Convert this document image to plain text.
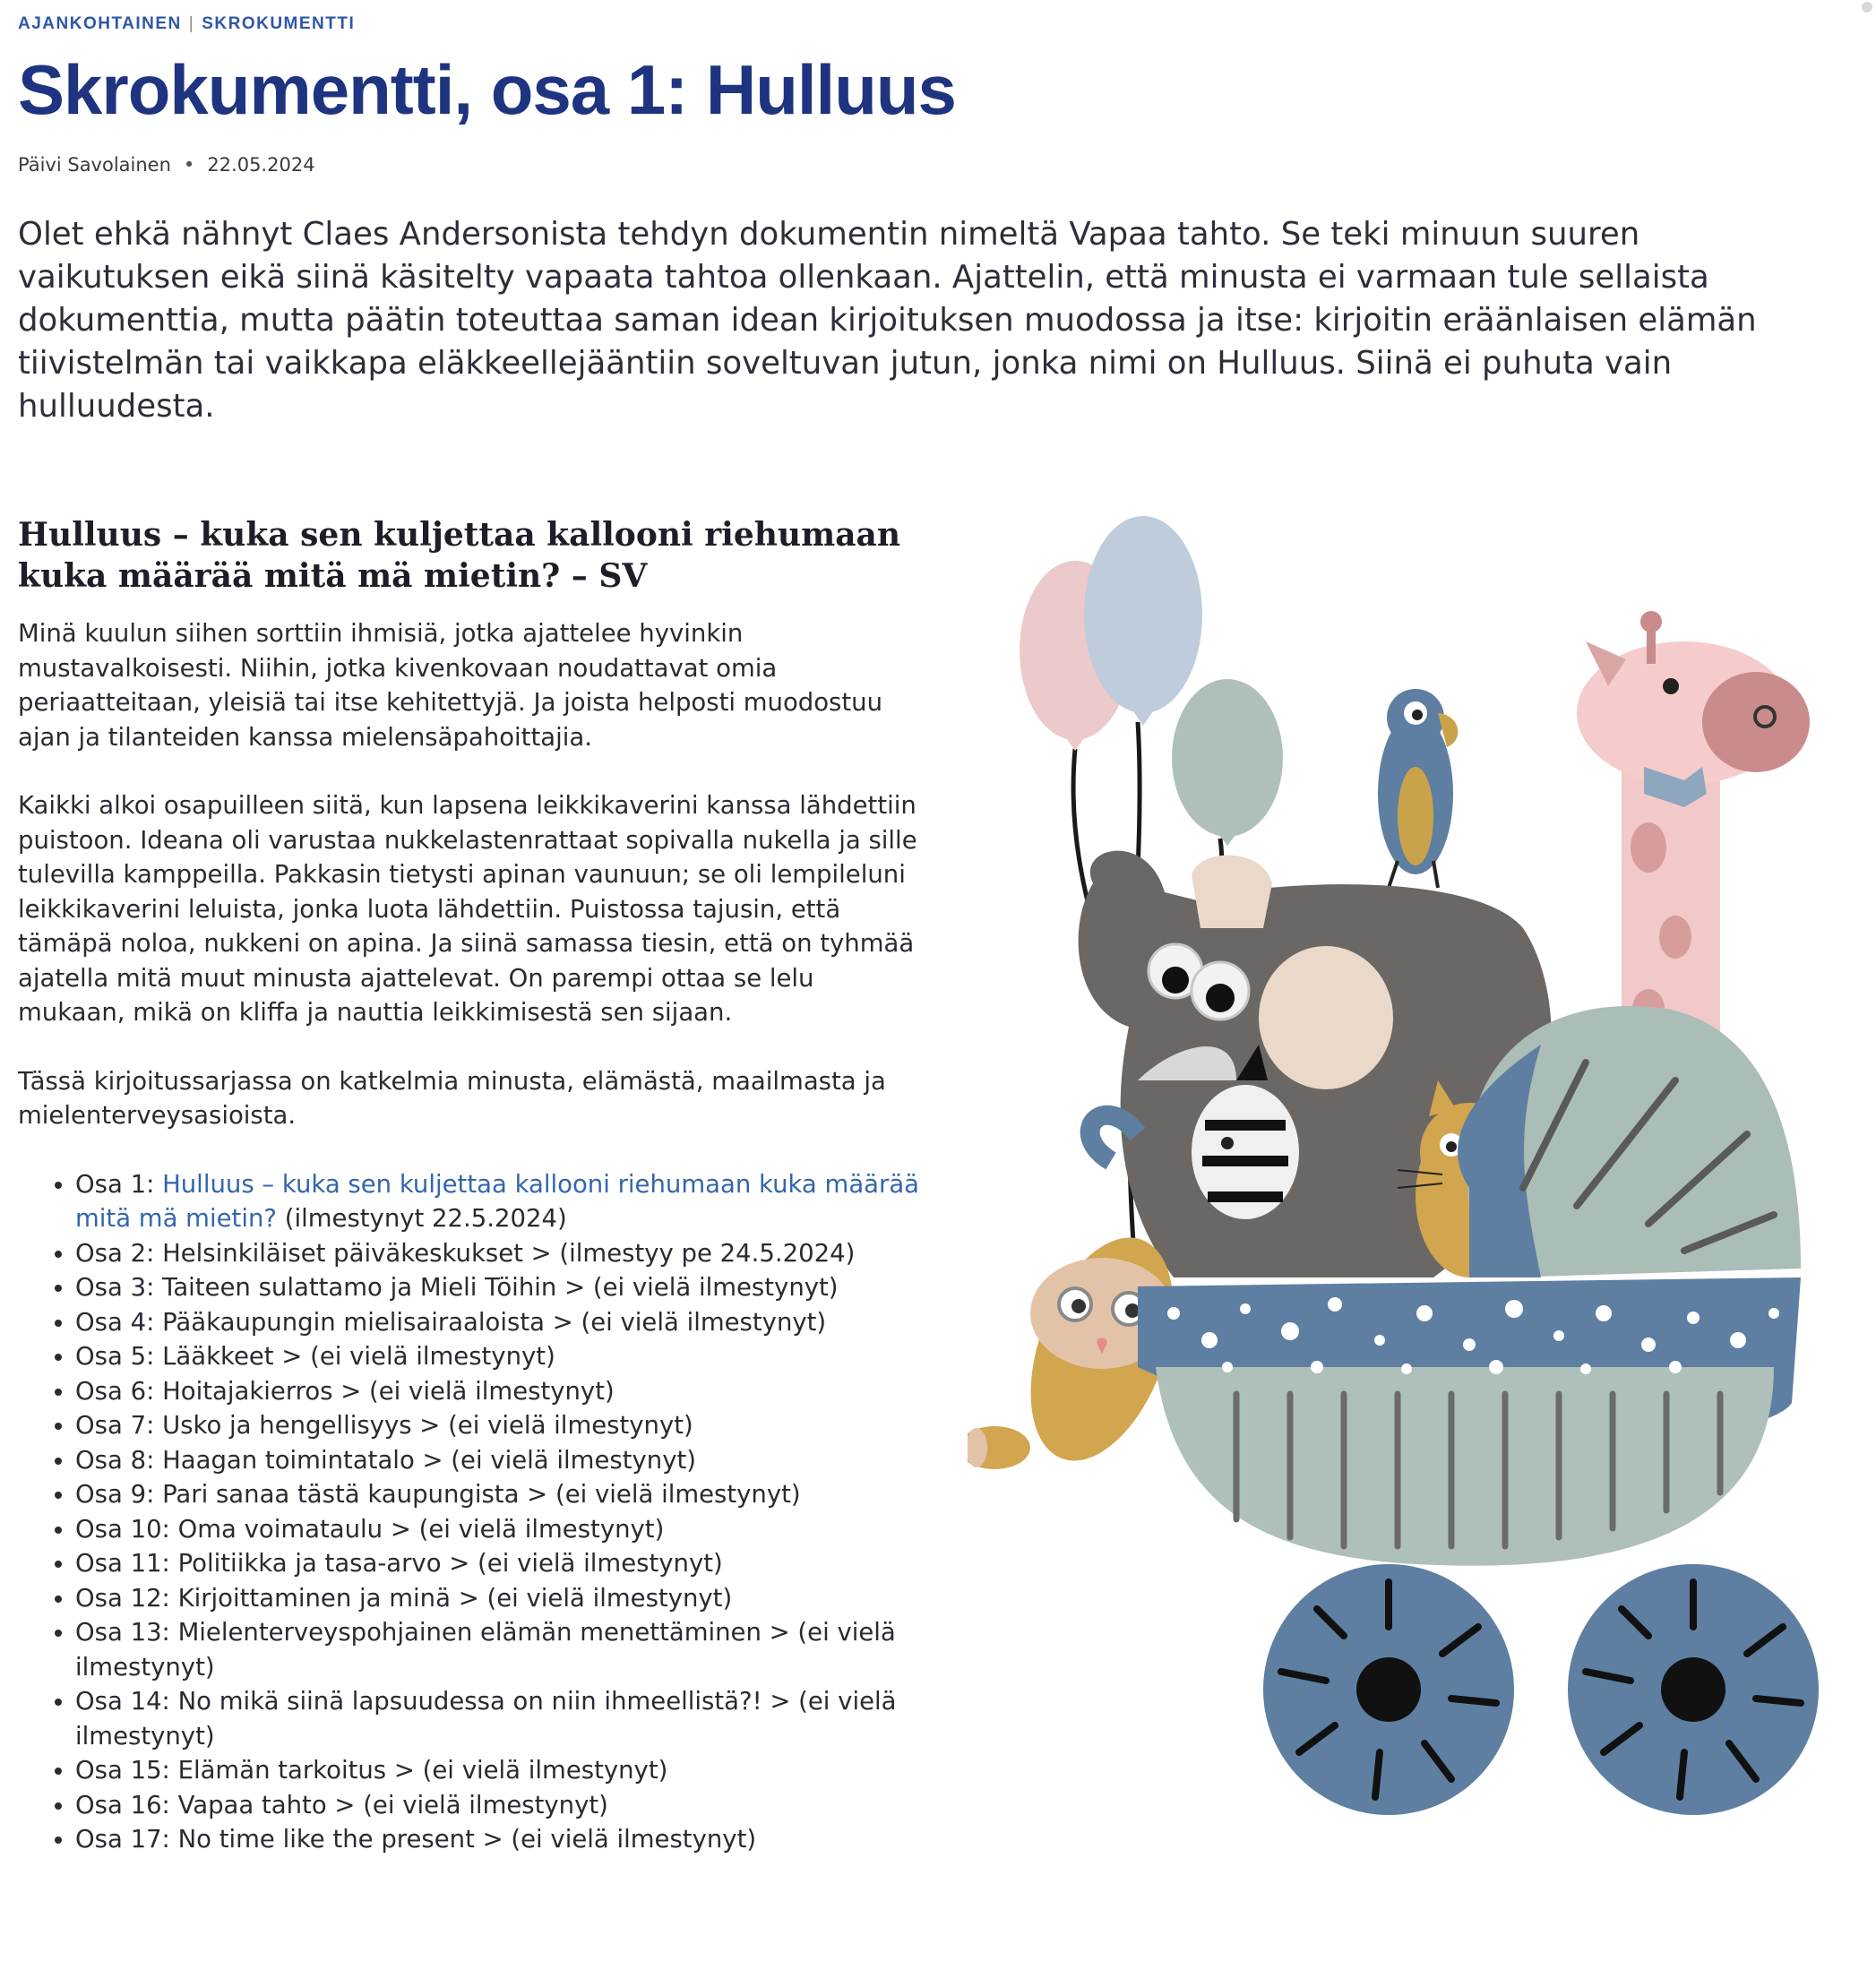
AJANKOHTAINEN | SKROKUMENTTI
Skrokumentti, osa 1: Hulluus
Päivi Savolainen • 22.05.2024

Olet ehkä nähnyt Claes Andersonista tehdyn dokumentin nimeltä Vapaa tahto. Se teki minuun suuren vaikutuksen eikä siinä käsitelty vapaata tahtoa ollenkaan. Ajattelin, että minusta ei varmaan tule sellaista dokumenttia, mutta päätin toteuttaa saman idean kirjoituksen muodossa ja itse: kirjoitin eräänlaisen elämän tiivistelmän tai vaikkapa eläkkeellejääntiin soveltuvan jutun, jonka nimi on Hulluus. Siinä ei puhuta vain hulluudesta.

Hulluus – kuka sen kuljettaa kallooni riehumaan kuka määrää mitä mä mietin? – SV

Minä kuulun siihen sorttiin ihmisiä, jotka ajattelee hyvinkin mustavalkoisesti. Niihin, jotka kivenkovaan noudattavat omia periaatteitaan, yleisiä tai itse kehitettyjä. Ja joista helposti muodostuu ajan ja tilanteiden kanssa mielensäpahoittajia.

Kaikki alkoi osapuilleen siitä, kun lapsena leikkikaverini kanssa lähdettiin puistoon. Ideana oli varustaa nukkelastenrattaat sopivalla nukella ja sille tulevilla kamppeilla. Pakkasin tietysti apinan vaunuun; se oli lempileluni leikkikaverini leluista, jonka luota lähdettiin. Puistossa tajusin, että tämäpä noloa, nukkeni on apina. Ja siinä samassa tiesin, että on tyhmää ajatella mitä muut minusta ajattelevat. On parempi ottaa se lelu mukaan, mikä on kliffa ja nauttia leikkimisestä sen sijaan.

Tässä kirjoitussarjassa on katkelmia minusta, elämästä, maailmasta ja mielenterveysasioista.

• Osa 1: Hulluus – kuka sen kuljettaa kallooni riehumaan kuka määrää mitä mä mietin? (ilmestynyt 22.5.2024)
• Osa 2: Helsinkiläiset päiväkeskukset > (ilmestyy pe 24.5.2024)
• Osa 3: Taiteen sulattamo ja Mieli Töihin > (ei vielä ilmestynyt)
• Osa 4: Pääkaupungin mielisairaaloista > (ei vielä ilmestynyt)
• Osa 5: Lääkkeet > (ei vielä ilmestynyt)
• Osa 6: Hoitajakierros > (ei vielä ilmestynyt)
• Osa 7: Usko ja hengellisyys > (ei vielä ilmestynyt)
• Osa 8: Haagan toimintatalo > (ei vielä ilmestynyt)
• Osa 9: Pari sanaa tästä kaupungista > (ei vielä ilmestynyt)
• Osa 10: Oma voimataulu > (ei vielä ilmestynyt)
• Osa 11: Politiikka ja tasa-arvo > (ei vielä ilmestynyt)
• Osa 12: Kirjoittaminen ja minä > (ei vielä ilmestynyt)
• Osa 13: Mielenterveyspohjainen elämän menettäminen > (ei vielä ilmestynyt)
• Osa 14: No mikä siinä lapsuudessa on niin ihmeellistä?! > (ei vielä ilmestynyt)
• Osa 15: Elämän tarkoitus > (ei vielä ilmestynyt)
• Osa 16: Vapaa tahto > (ei vielä ilmestynyt)
• Osa 17: No time like the present > (ei vielä ilmestynyt)
